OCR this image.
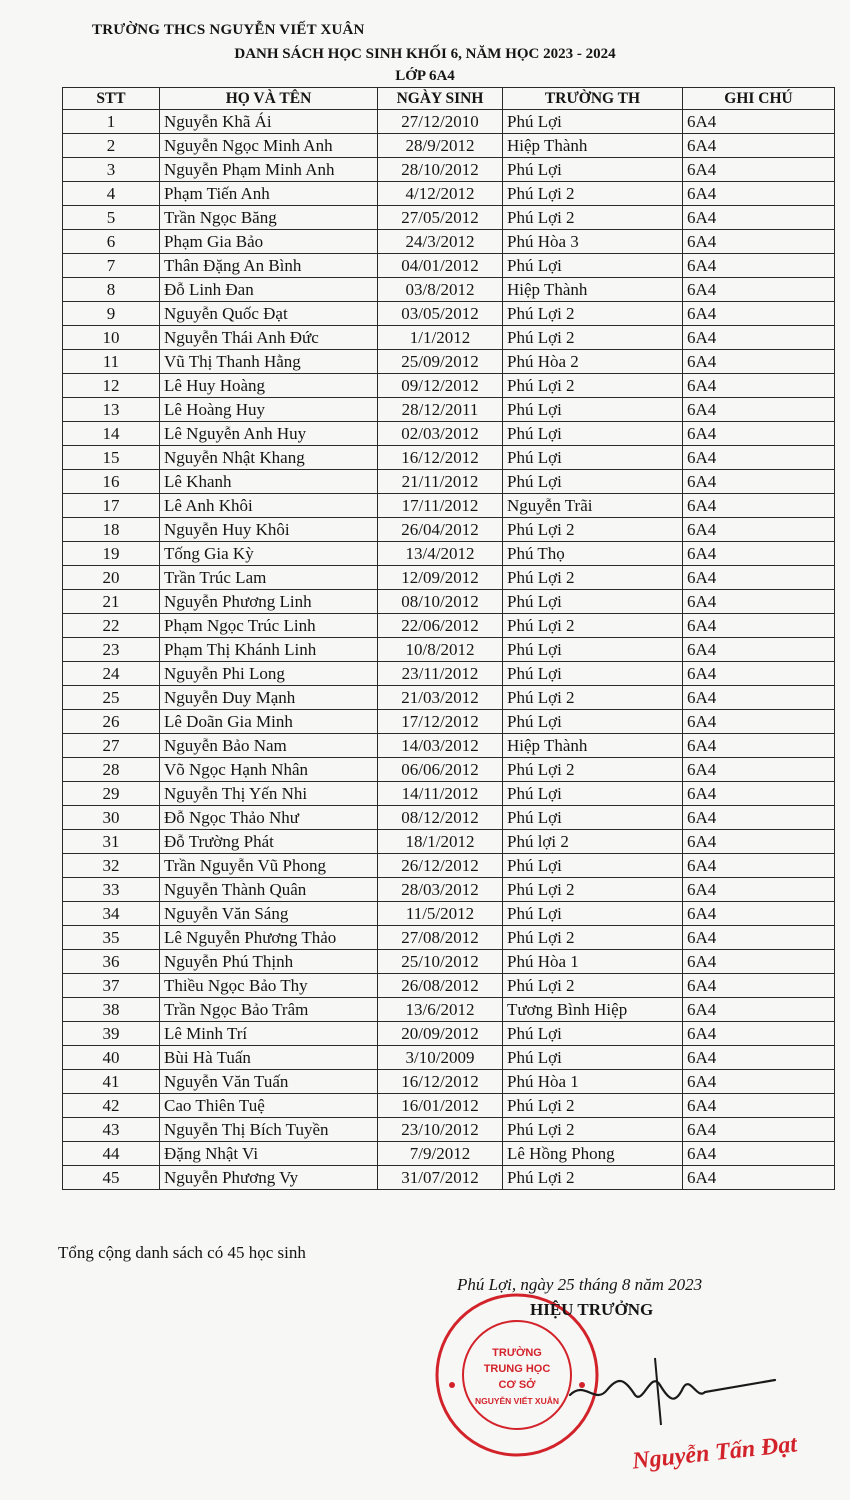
TRƯỜNG THCS NGUYỄN VIẾT XUÂN
DANH SÁCH HỌC SINH KHỐI 6, NĂM HỌC 2023 - 2024
LỚP 6A4
STT	HỌ VÀ TÊN	NGÀY SINH	TRƯỜNG TH	GHI CHÚ
1	Nguyễn Khã Ái	27/12/2010	Phú Lợi	6A4
2	Nguyễn Ngọc Minh Anh	28/9/2012	Hiệp Thành	6A4
3	Nguyễn Phạm Minh Anh	28/10/2012	Phú Lợi	6A4
4	Phạm Tiến Anh	4/12/2012	Phú Lợi 2	6A4
5	Trần Ngọc Băng	27/05/2012	Phú Lợi 2	6A4
6	Phạm Gia Bảo	24/3/2012	Phú Hòa 3	6A4
7	Thân Đặng An Bình	04/01/2012	Phú Lợi	6A4
8	Đỗ Linh Đan	03/8/2012	Hiệp Thành	6A4
9	Nguyễn Quốc Đạt	03/05/2012	Phú Lợi 2	6A4
10	Nguyễn Thái Anh Đức	1/1/2012	Phú Lợi 2	6A4
11	Vũ Thị Thanh Hằng	25/09/2012	Phú Hòa 2	6A4
12	Lê Huy Hoàng	09/12/2012	Phú Lợi 2	6A4
13	Lê Hoàng Huy	28/12/2011	Phú Lợi	6A4
14	Lê Nguyễn Anh Huy	02/03/2012	Phú Lợi	6A4
15	Nguyễn Nhật Khang	16/12/2012	Phú Lợi	6A4
16	Lê Khanh	21/11/2012	Phú Lợi	6A4
17	Lê Anh Khôi	17/11/2012	Nguyễn Trãi	6A4
18	Nguyễn Huy Khôi	26/04/2012	Phú Lợi 2	6A4
19	Tống Gia Kỳ	13/4/2012	Phú Thọ	6A4
20	Trần Trúc Lam	12/09/2012	Phú Lợi 2	6A4
21	Nguyễn Phương Linh	08/10/2012	Phú Lợi	6A4
22	Phạm Ngọc Trúc Linh	22/06/2012	Phú Lợi 2	6A4
23	Phạm Thị Khánh Linh	10/8/2012	Phú Lợi	6A4
24	Nguyễn Phi Long	23/11/2012	Phú Lợi	6A4
25	Nguyễn Duy Mạnh	21/03/2012	Phú Lợi 2	6A4
26	Lê Doãn Gia Minh	17/12/2012	Phú Lợi	6A4
27	Nguyễn Bảo Nam	14/03/2012	Hiệp Thành	6A4
28	Võ Ngọc Hạnh Nhân	06/06/2012	Phú Lợi 2	6A4
29	Nguyễn Thị Yến Nhi	14/11/2012	Phú Lợi	6A4
30	Đỗ Ngọc Thảo Như	08/12/2012	Phú Lợi	6A4
31	Đỗ Trường Phát	18/1/2012	Phú lợi 2	6A4
32	Trần Nguyễn Vũ Phong	26/12/2012	Phú Lợi	6A4
33	Nguyễn Thành Quân	28/03/2012	Phú Lợi 2	6A4
34	Nguyễn Văn Sáng	11/5/2012	Phú Lợi	6A4
35	Lê Nguyễn Phương Thảo	27/08/2012	Phú Lợi 2	6A4
36	Nguyễn Phú Thịnh	25/10/2012	Phú Hòa 1	6A4
37	Thiều Ngọc Bảo Thy	26/08/2012	Phú Lợi 2	6A4
38	Trần Ngọc Bảo Trâm	13/6/2012	Tương Bình Hiệp	6A4
39	Lê Minh Trí	20/09/2012	Phú Lợi	6A4
40	Bùi Hà Tuấn	3/10/2009	Phú Lợi	6A4
41	Nguyễn Văn Tuấn	16/12/2012	Phú Hòa 1	6A4
42	Cao Thiên Tuệ	16/01/2012	Phú Lợi 2	6A4
43	Nguyễn Thị Bích Tuyền	23/10/2012	Phú Lợi 2	6A4
44	Đặng Nhật Vi	7/9/2012	Lê Hồng Phong	6A4
45	Nguyễn Phương Vy	31/07/2012	Phú Lợi 2	6A4
Tổng cộng danh sách có 45 học sinh
TRƯỜNG
TRUNG HỌC
CƠ SỞ
NGUYỄN VIẾT XUÂN
Phú Lợi, ngày 25 tháng 8 năm 2023
HIỆU TRƯỞNG
Nguyễn Tấn Đạt
